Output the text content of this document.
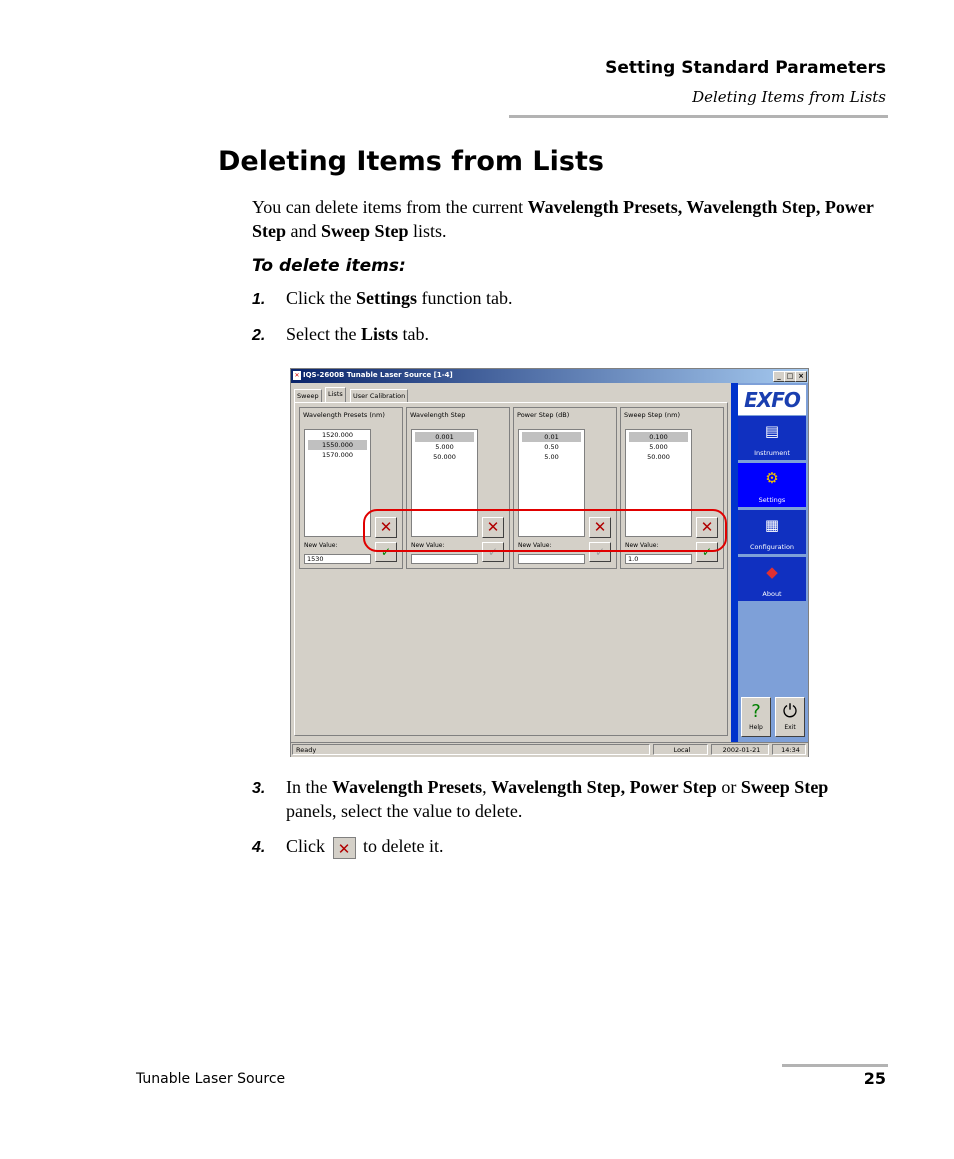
Setting Standard Parameters
Deleting Items from Lists
Deleting Items from Lists
You can delete items from the current Wavelength Presets, Wavelength Step, Power Step and Sweep Step lists.
To delete items:
1. Click the Settings function tab.
2. Select the Lists tab.
✕ IQS-2600B Tunable Laser Source [1-4]	_ □ ×
Sweep	Lists	User Calibration
Wavelength Presets (nm)
1520.000
1550.000
1570.000
✕
New Value:
1530	✓
Wavelength Step
0.001
5.000
50.000
✕
New Value:	✓
Power Step (dB)
0.01
0.50
5.00
✕
New Value:	✓
Sweep Step (nm)
0.100
5.000
50.000
✕
New Value:
1.0	✓
EXFO
▤
Instrument
⚙
Settings
▦
Configuration
◆
About
?
Help
⏻
Exit
Ready	Local	2002-01-21	14:34
3. In the Wavelength Presets, Wavelength Step, Power Step or Sweep Step panels, select the value to delete.
4. Click ✕ to delete it.
Tunable Laser Source	25
